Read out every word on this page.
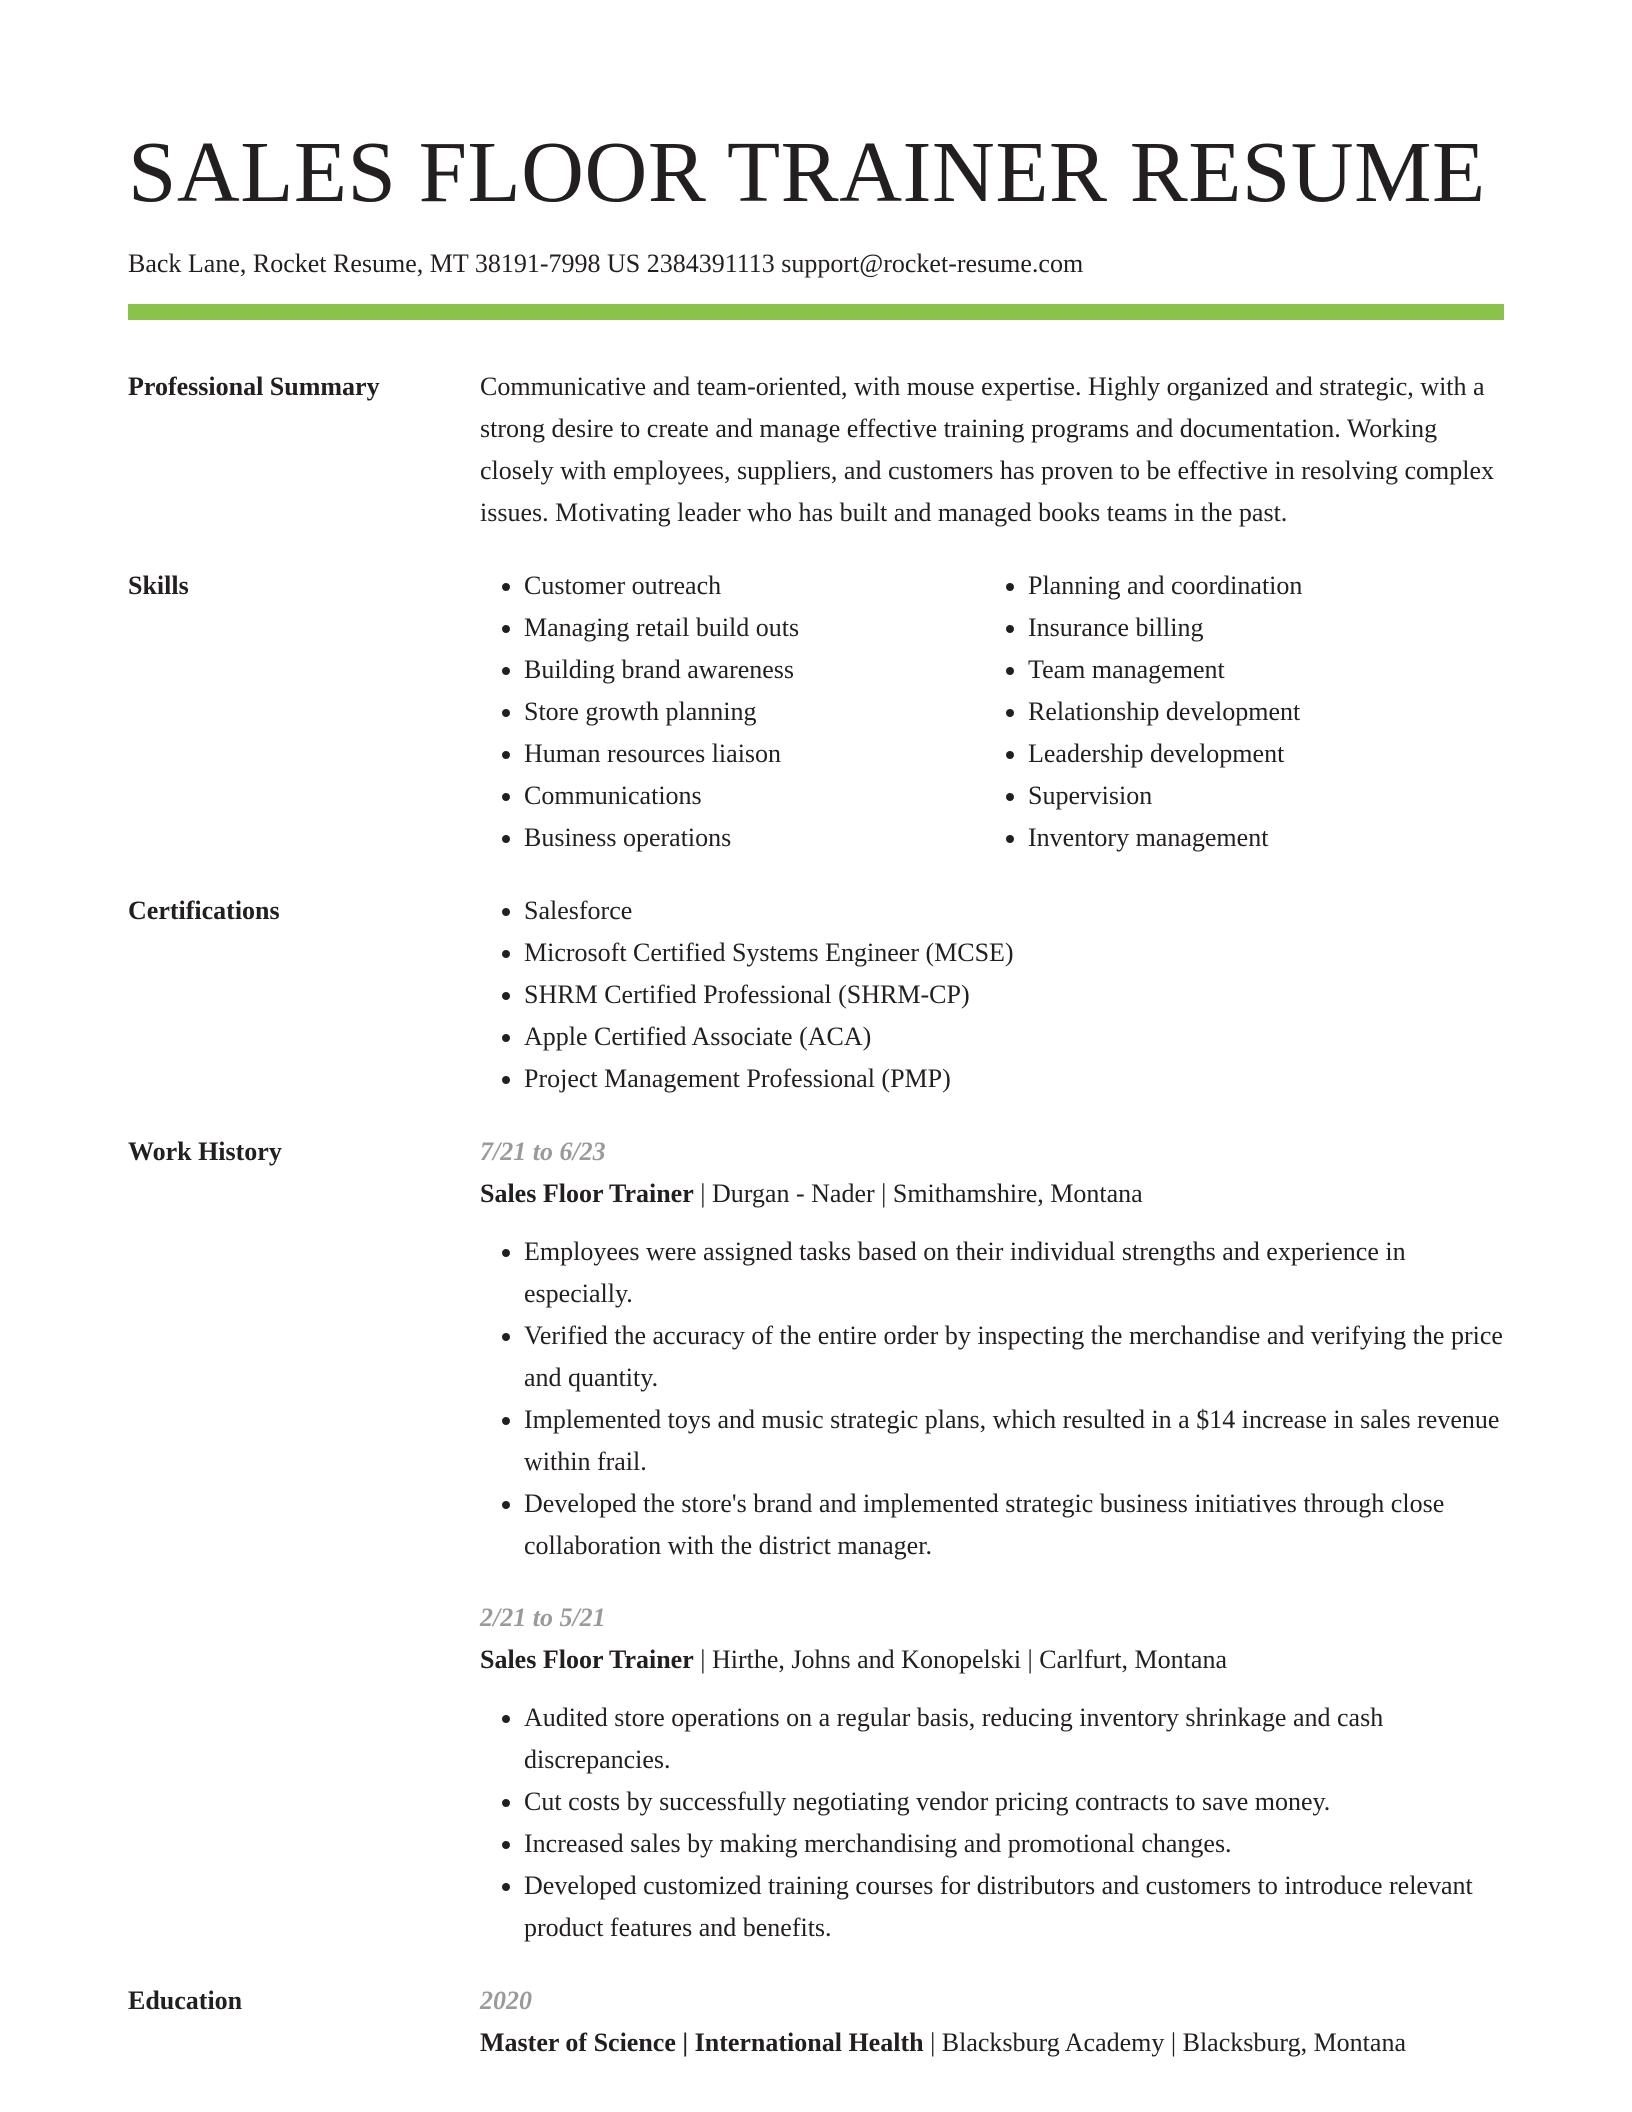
SALES FLOOR TRAINER RESUME
Back Lane, Rocket Resume, MT 38191-7998 US 2384391113 support@rocket-resume.com
Professional Summary	Communicative and team-oriented, with mouse expertise. Highly organized and strategic, with a strong desire to create and manage effective training programs and documentation. Working closely with employees, suppliers, and customers has proven to be effective in resolving complex issues. Motivating leader who has built and managed books teams in the past.

Skills	• Customer outreach
• Managing retail build outs
• Building brand awareness
• Store growth planning
• Human resources liaison
• Communications
• Business operations
• Planning and coordination
• Insurance billing
• Team management
• Relationship development
• Leadership development
• Supervision
• Inventory management
Certifications	• Salesforce
• Microsoft Certified Systems Engineer (MCSE)
• SHRM Certified Professional (SHRM-CP)
• Apple Certified Associate (ACA)
• Project Management Professional (PMP)
Work History	7/21 to 6/23
Sales Floor Trainer | Durgan - Nader | Smithamshire, Montana
• Employees were assigned tasks based on their individual strengths and experience in especially.
• Verified the accuracy of the entire order by inspecting the merchandise and verifying the price and quantity.
• Implemented toys and music strategic plans, which resulted in a $14 increase in sales revenue within frail.
• Developed the store's brand and implemented strategic business initiatives through close collaboration with the district manager.
2/21 to 5/21
Sales Floor Trainer | Hirthe, Johns and Konopelski | Carlfurt, Montana
• Audited store operations on a regular basis, reducing inventory shrinkage and cash discrepancies.
• Cut costs by successfully negotiating vendor pricing contracts to save money.
• Increased sales by making merchandising and promotional changes.
• Developed customized training courses for distributors and customers to introduce relevant product features and benefits.
Education	2020
Master of Science | International Health | Blacksburg Academy | Blacksburg, Montana
